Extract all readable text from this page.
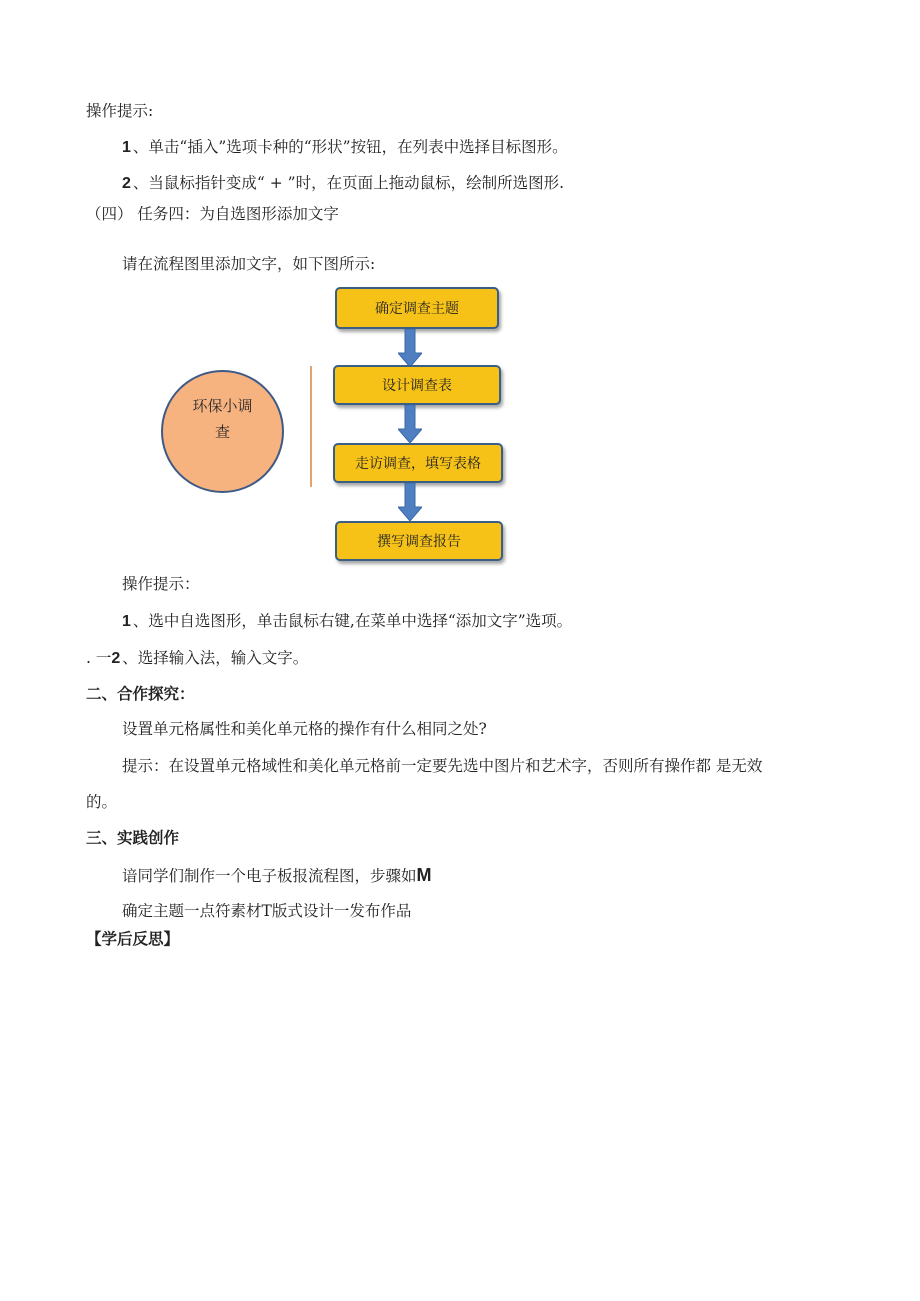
操作提示:
1 、单击“插入”选项卡种的“形状”按钮，在列表中选择目标图形。
2 、当鼠标指针变成“ + ”时，在页面上拖动鼠标，绘制所选图形.
（四） 任务四：为自选图形添加文字
请在流程图里添加文字，如下图所示:
环保小调
查
确定调查主题
设计调查表
走访调查，填写表格
撰写调查报告
操作提示：
1 、选中自选图形，单击鼠标右键,在菜单中选择“添加文字”选项。
. 一2 、选择输入法，输入文字。
二、合作探究：
设置单元格属性和美化单元格的操作有什么相同之处?
提示：在设置单元格域性和美化单元格前一定要先选中图片和艺术字，否则所有操作都 是无效
的。
三、实践创作
谙同学们制作一个电子板报流程图，步骤如M
确定主题一点符素材T版式设计一发布作品
【学后反思】
